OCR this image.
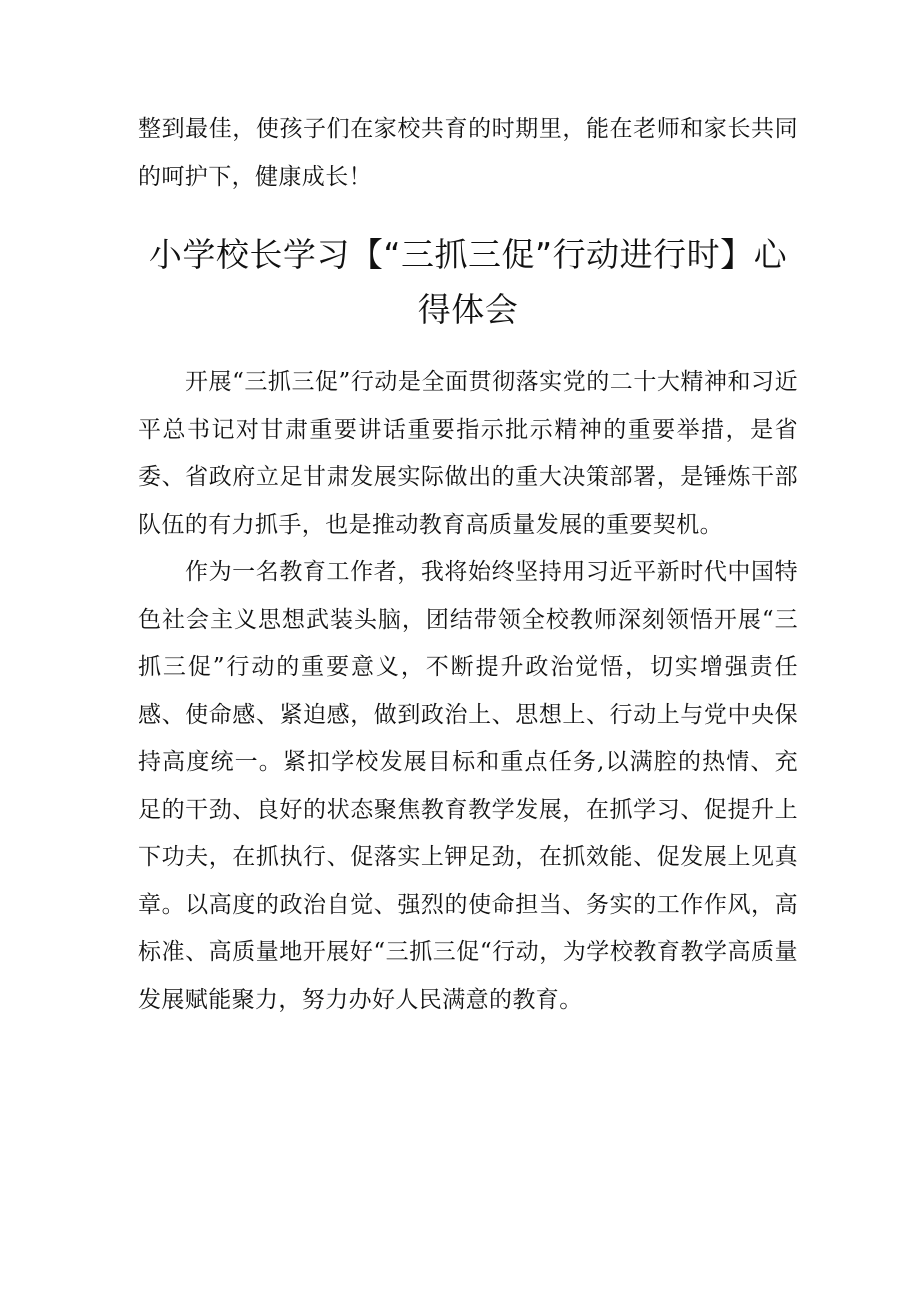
整到最佳，使孩子们在家校共育的时期里，能在老师和家长共同的呵护下，健康成长！

小学校长学习【“三抓三促”行动进行时】心得体会

开展“三抓三促”行动是全面贯彻落实党的二十大精神和习近平总书记对甘肃重要讲话重要指示批示精神的重要举措，是省委、省政府立足甘肃发展实际做出的重大决策部署，是锤炼干部队伍的有力抓手，也是推动教育高质量发展的重要契机。

作为一名教育工作者，我将始终坚持用习近平新时代中国特色社会主义思想武装头脑，团结带领全校教师深刻领悟开展“三抓三促”行动的重要意义，不断提升政治觉悟，切实增强责任感、使命感、紧迫感，做到政治上、思想上、行动上与党中央保持高度统一。紧扣学校发展目标和重点任务,以满腔的热情、充足的干劲、良好的状态聚焦教育教学发展，在抓学习、促提升上下功夫，在抓执行、促落实上钾足劲，在抓效能、促发展上见真章。以高度的政治自觉、强烈的使命担当、务实的工作作风，高标准、高质量地开展好“三抓三促“行动，为学校教育教学高质量发展赋能聚力，努力办好人民满意的教育。
